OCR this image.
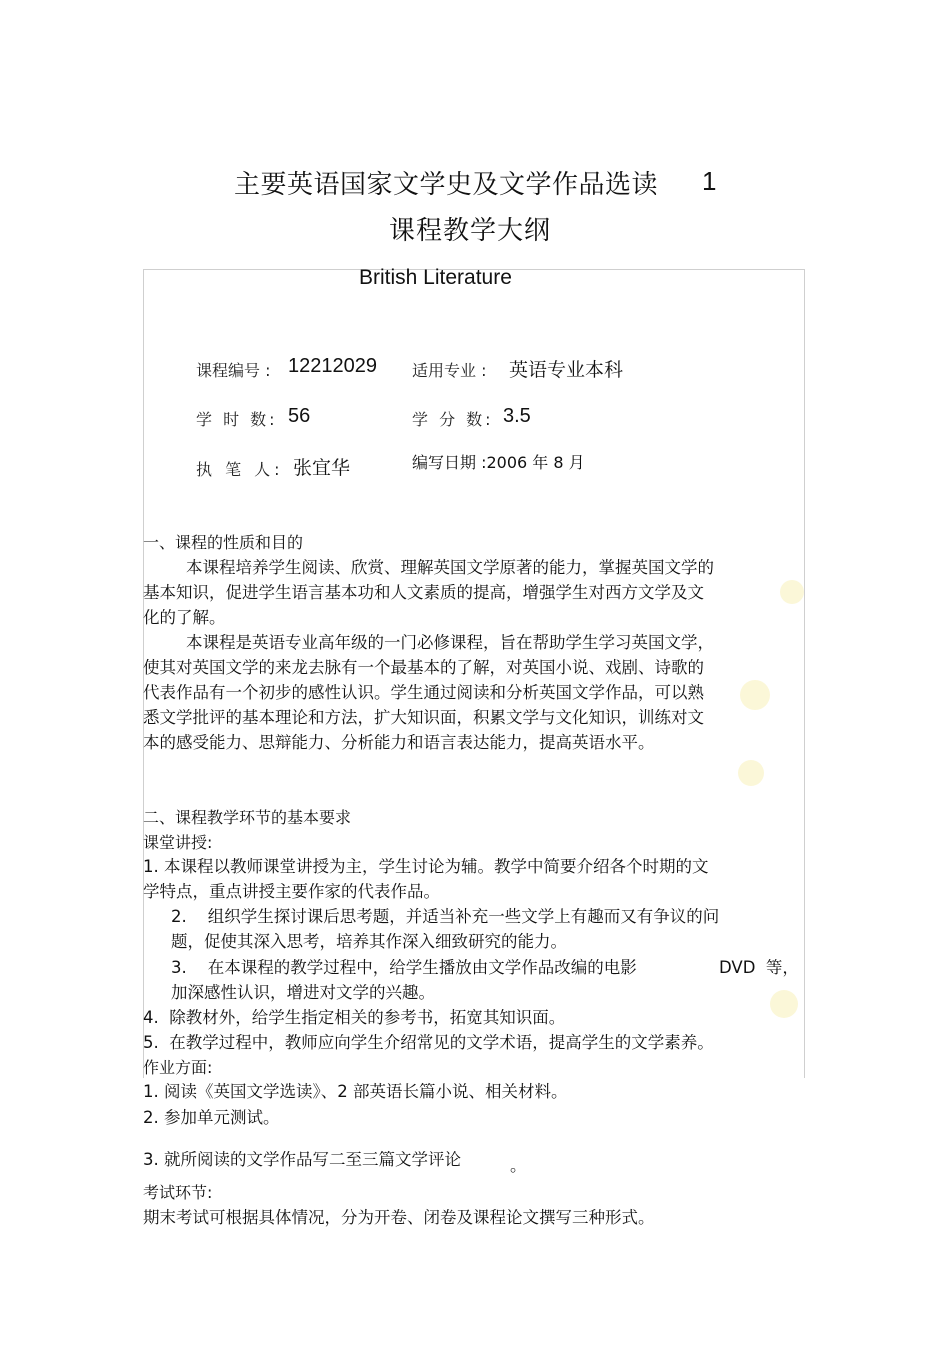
主要英语国家文学史及文学作品选读 1
课程教学大纲
British Literature
课程编号 : 12212029 适用专业 : 英语专业本科
学 时 数: 56	学 分 数: 3.5
执 笔 人: 张宜华	编写日期 :2006 年 8 月
一、课程的性质和目的
本课程培养学生阅读、欣赏、理解英国文学原著的能力，掌握英国文学的
基本知识，促进学生语言基本功和人文素质的提高，增强学生对西方文学及文
化的了解。
本课程是英语专业高年级的一门必修课程，旨在帮助学生学习英国文学，
使其对英国文学的来龙去脉有一个最基本的了解，对英国小说、戏剧、诗歌的
代表作品有一个初步的感性认识。学生通过阅读和分析英国文学作品，可以熟
悉文学批评的基本理论和方法，扩大知识面，积累文学与文化知识，训练对文
本的感受能力、思辩能力、分析能力和语言表达能力，提高英语水平。
二、课程教学环节的基本要求
课堂讲授:
1. 本课程以教师课堂讲授为主，学生讨论为辅。教学中简要介绍各个时期的文
学特点，重点讲授主要作家的代表作品。
2.    组织学生探讨课后思考题，并适当补充一些文学上有趣而又有争议的问
题，促使其深入思考，培养其作深入细致研究的能力。
3.    在本课程的教学过程中，给学生播放由文学作品改编的电影	DVD  等，
加深感性认识，增进对文学的兴趣。
4.  除教材外，给学生指定相关的参考书，拓宽其知识面。
5.  在教学过程中，教师应向学生介绍常见的文学术语，提高学生的文学素养。
作业方面:
1. 阅读《英国文学选读》、2 部英语长篇小说、相关材料。
2. 参加单元测试。
3. 就所阅读的文学作品写二至三篇文学评论	。
考试环节:
期末考试可根据具体情况，分为开卷、闭卷及课程论文撰写三种形式。
